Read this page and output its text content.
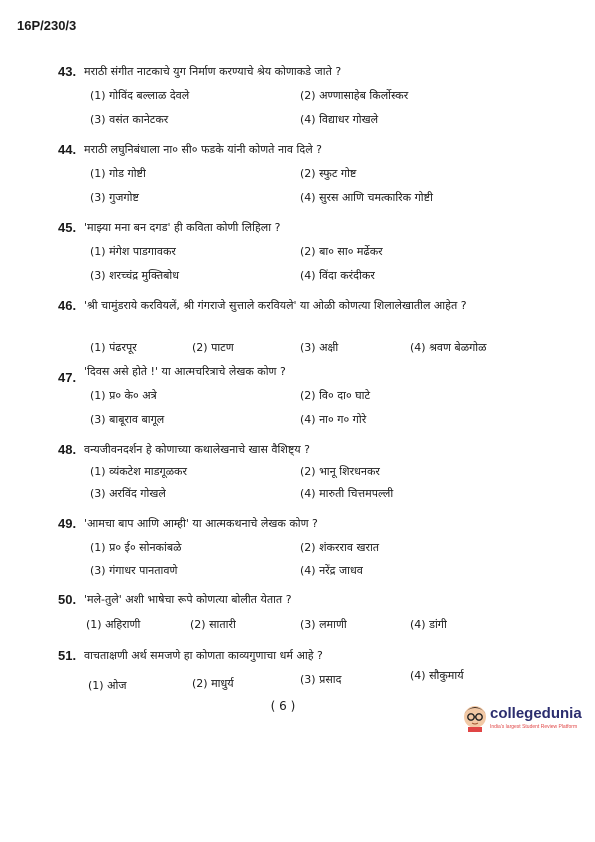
16P/230/3
43. मराठी संगीत नाटकाचे युग निर्माण करण्याचे श्रेय कोणाकडे जाते ?
(1) गोविंद बल्लाळ देवले	(2) अण्णासाहेब किर्लोस्कर
(3) वसंत कानेटकर	(4) विद्याधर गोखले
44. मराठी लघुनिबंधाला ना० सी० फडके यांनी कोणते नाव दिले ?
(1) गोड गोष्टी	(2) स्फुट गोष्ट
(3) गुजगोष्ट	(4) सुरस आणि चमत्कारिक गोष्टी
45. 'माझ्या मना बन दगड' ही कविता कोणी लिहिला ?
(1) मंगेश पाडगावकर	(2) बा० सा० मर्ढेकर
(3) शरच्चंद्र मुक्तिबोध	(4) विंदा करंदीकर
46. 'श्री चामुंडराये करवियलें, श्री गंगराजे सुत्ताले करवियले' या ओळी कोणत्या शिलालेखातील आहेत ?
(1) पंढरपूर	(2) पाटण	(3) अक्षी	(4) श्रवण बेळगोळ
47. 'दिवस असे होते !' या आत्मचरित्राचे लेखक कोण ?
(1) प्र० के० अत्रे	(2) वि० दा० घाटे
(3) बाबूराव बागूल	(4) ना० ग० गोरे
48. वन्यजीवनदर्शन हे कोणाच्या कथालेखनाचे खास वैशिष्ट्य ?
(1) व्यंकटेश माडगूळकर	(2) भानू शिरधनकर
(3) अरविंद गोखले	(4) मारुती चित्तमपल्ली
49. 'आमचा बाप आणि आम्ही' या आत्मकथनाचे लेखक कोण ?
(1) प्र० ई० सोनकांबळे	(2) शंकरराव खरात
(3) गंगाधर पानतावणे	(4) नरेंद्र जाधव
50. 'मले-तुले' अशी भाषेचा रूपे कोणत्या बोलीत येतात ?
(1) अहिराणी	(2) सातारी	(3) लमाणी	(4) डांगी
51. वाचताक्षणी अर्थ समजणे हा कोणता काव्यगुणाचा धर्म आहे ?
(1) ओज	(2) माधुर्य	(3) प्रसाद	(4) सौकुमार्य
( 6 )	collegedunia
India's largest Student Review Platform
